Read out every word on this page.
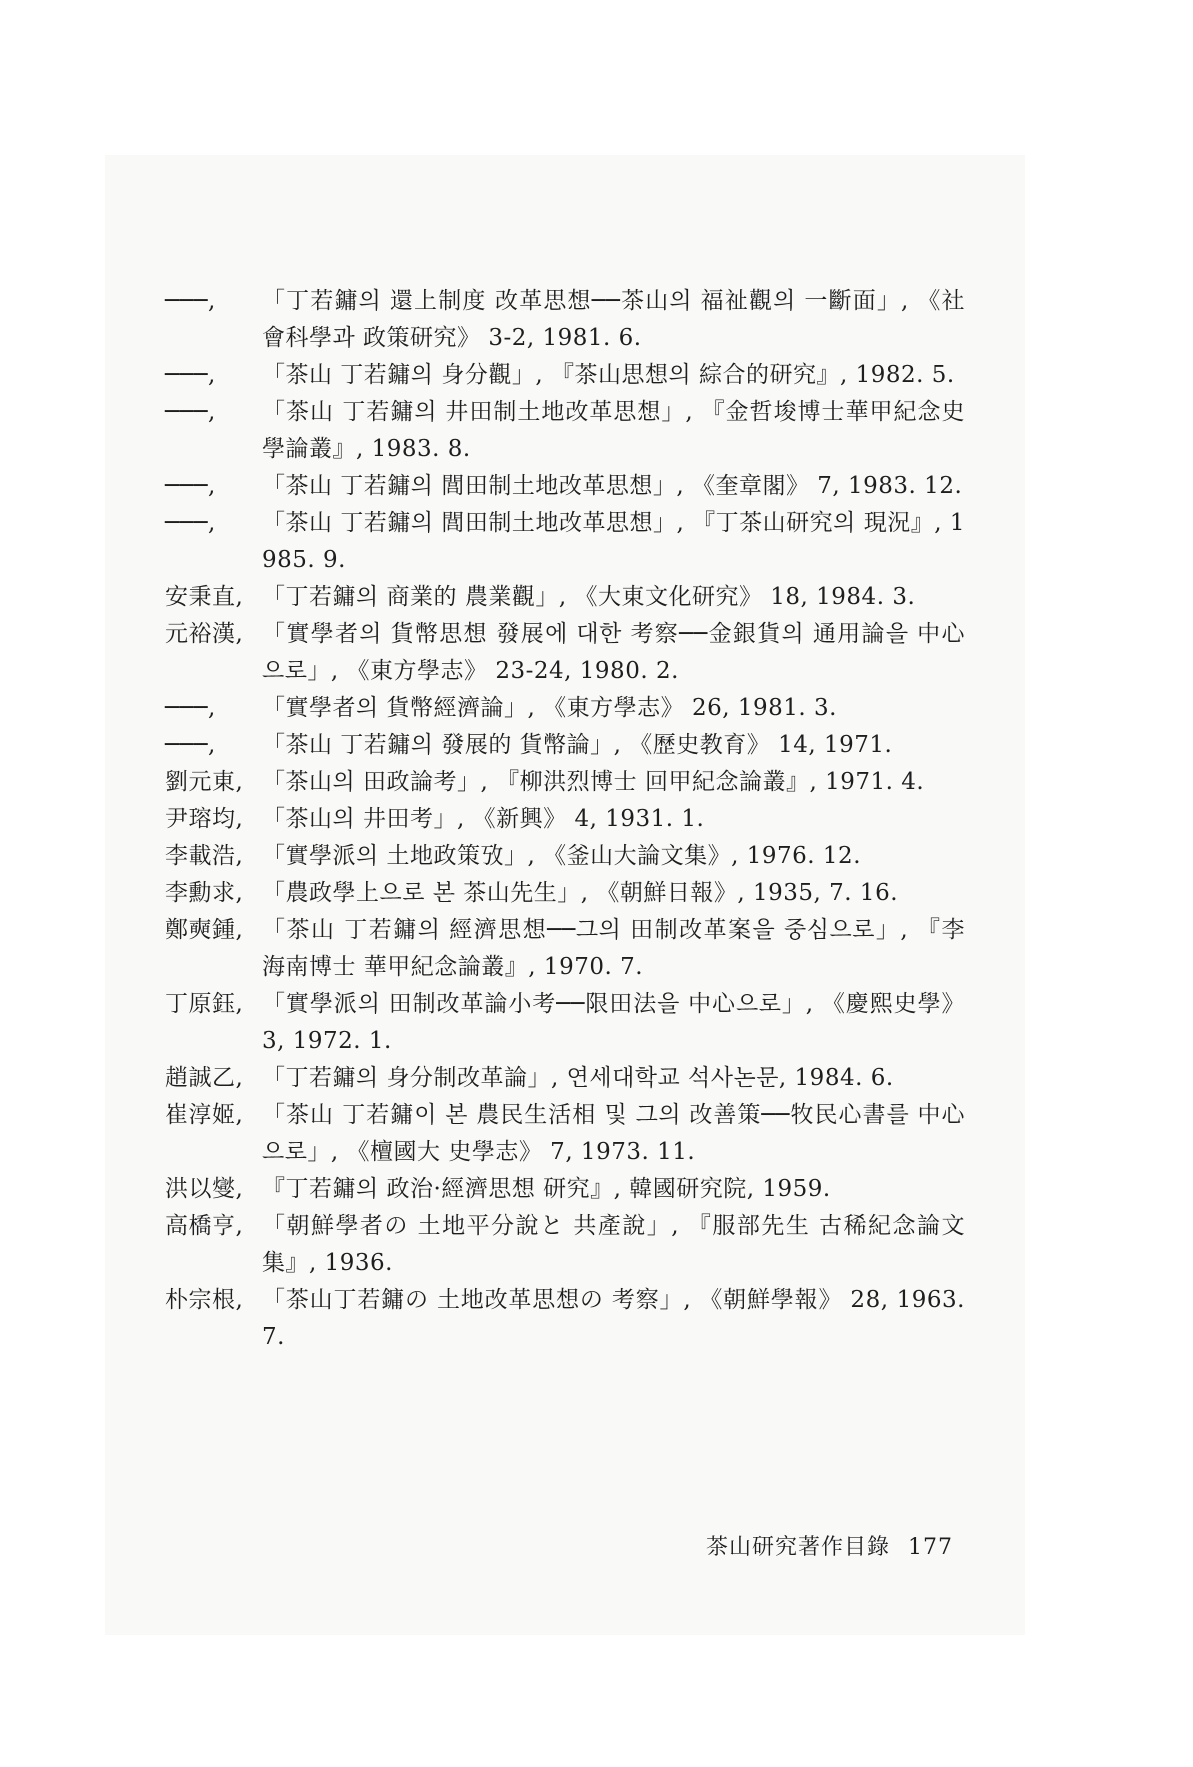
───,	「丁若鏞의 還上制度 改革思想──茶山의 福祉觀의 一斷面」, 《社會科學과 政策研究》 3-2, 1981. 6.
───,	「茶山 丁若鏞의 身分觀」, 『茶山思想의 綜合的研究』, 1982. 5.
───,	「茶山 丁若鏞의 井田制土地改革思想」, 『金哲埈博士華甲紀念史學論叢』, 1983. 8.
───,	「茶山 丁若鏞의 閭田制土地改革思想」, 《奎章閣》 7, 1983. 12.
───,	「茶山 丁若鏞의 閭田制土地改革思想」, 『丁茶山研究의 現況』, 1985. 9.
安秉直, 「丁若鏞의 商業的 農業觀」, 《大東文化研究》 18, 1984. 3.
元裕漢, 「實學者의 貨幣思想 發展에 대한 考察──金銀貨의 通用論을 中心으로」, 《東方學志》 23-24, 1980. 2.
───,	「實學者의 貨幣經濟論」, 《東方學志》 26, 1981. 3.
───,	「茶山 丁若鏞의 發展的 貨幣論」, 《歷史教育》 14, 1971.
劉元東, 「茶山의 田政論考」, 『柳洪烈博士 回甲紀念論叢』, 1971. 4.
尹瑢均, 「茶山의 井田考」, 《新興》 4, 1931. 1.
李載浩, 「實學派의 土地政策攷」, 《釜山大論文集》, 1976. 12.
李勳求, 「農政學上으로 본 茶山先生」, 《朝鮮日報》, 1935, 7. 16.
鄭奭鍾, 「茶山 丁若鏞의 經濟思想──그의 田制改革案을 중심으로」, 『李海南博士 華甲紀念論叢』, 1970. 7.
丁原鈺, 「實學派의 田制改革論小考──限田法을 中心으로」, 《慶熙史學》 3, 1972. 1.
趙誠乙, 「丁若鏞의 身分制改革論」, 연세대학교 석사논문, 1984. 6.
崔淳姬, 「茶山 丁若鏞이 본 農民生活相 및 그의 改善策──牧民心書를 中心으로」, 《檀國大 史學志》 7, 1973. 11.
洪以燮, 『丁若鏞의 政治·經濟思想 研究』, 韓國研究院, 1959.
高橋亨, 「朝鮮學者の 土地平分說と 共產說」, 『服部先生 古稀紀念論文集』, 1936.
朴宗根, 「茶山丁若鏞の 土地改革思想の 考察」, 《朝鮮學報》 28, 1963. 7.
茶山研究著作目錄 177
